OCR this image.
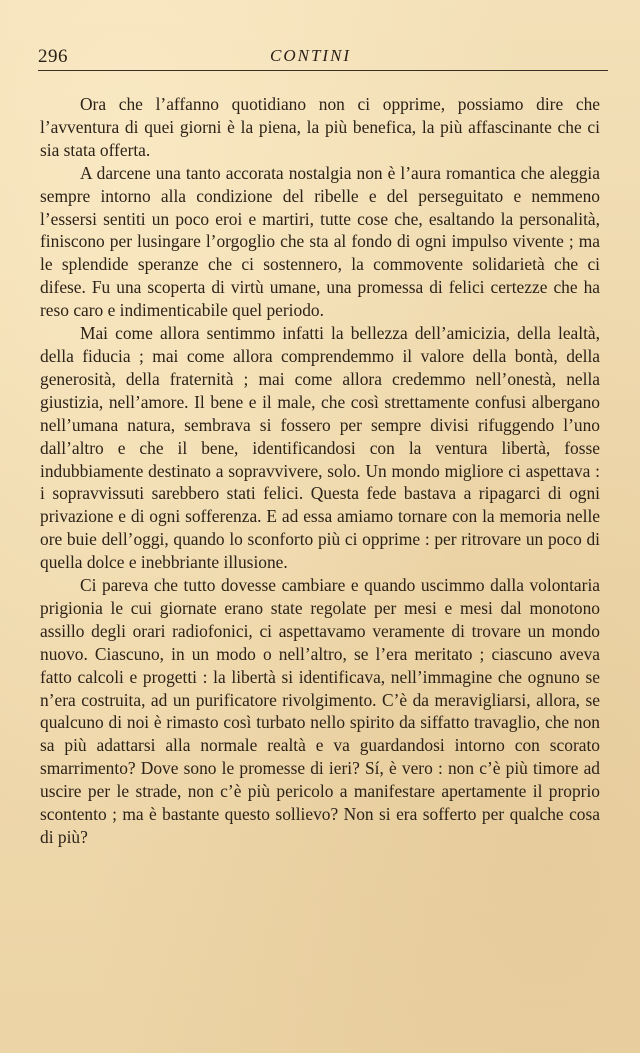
296	CONTINI

Ora che l’affanno quotidiano non ci opprime, possiamo dire che l’avventura di quei giorni è la piena, la più benefica, la più affascinante che ci sia stata offerta.

A darcene una tanto accorata nostalgia non è l’aura romantica che aleggia sempre intorno alla condizione del ribelle e del perseguitato e nemmeno l’essersi sentiti un poco eroi e martiri, tutte cose che, esaltando la personalità, finiscono per lusingare l’orgoglio che sta al fondo di ogni impulso vivente ; ma le splendide speranze che ci sostennero, la commovente solidarietà che ci difese. Fu una scoperta di virtù umane, una promessa di felici certezze che ha reso caro e indimenticabile quel periodo.

Mai come allora sentimmo infatti la bellezza dell’amicizia, della lealtà, della fiducia ; mai come allora comprendemmo il valore della bontà, della generosità, della fraternità ; mai come allora credemmo nell’onestà, nella giustizia, nell’amore. Il bene e il male, che così strettamente confusi albergano nell’umana natura, sembrava si fossero per sempre divisi rifuggendo l’uno dall’altro e che il bene, identificandosi con la ventura libertà, fosse indubbiamente destinato a sopravvivere, solo. Un mondo migliore ci aspettava : i sopravvissuti sarebbero stati felici. Questa fede bastava a ripagarci di ogni privazione e di ogni sofferenza. E ad essa amiamo tornare con la memoria nelle ore buie dell’oggi, quando lo sconforto più ci opprime : per ritrovare un poco di quella dolce e inebbriante illusione.

Ci pareva che tutto dovesse cambiare e quando uscimmo dalla volontaria prigionia le cui giornate erano state regolate per mesi e mesi dal monotono assillo degli orari radiofonici, ci aspettavamo veramente di trovare un mondo nuovo. Ciascuno, in un modo o nell’altro, se l’era meritato ; ciascuno aveva fatto calcoli e progetti : la libertà si identificava, nell’immagine che ognuno se n’era costruita, ad un purificatore rivolgimento. C’è da meravigliarsi, allora, se qualcuno di noi è rimasto così turbato nello spirito da siffatto travaglio, che non sa più adattarsi alla normale realtà e va guardandosi intorno con scorato smarrimento? Dove sono le promesse di ieri? Sí, è vero : non c’è più timore ad uscire per le strade, non c’è più pericolo a manifestare apertamente il proprio scontento ; ma è bastante questo sollievo? Non si era sofferto per qualche cosa di più?
